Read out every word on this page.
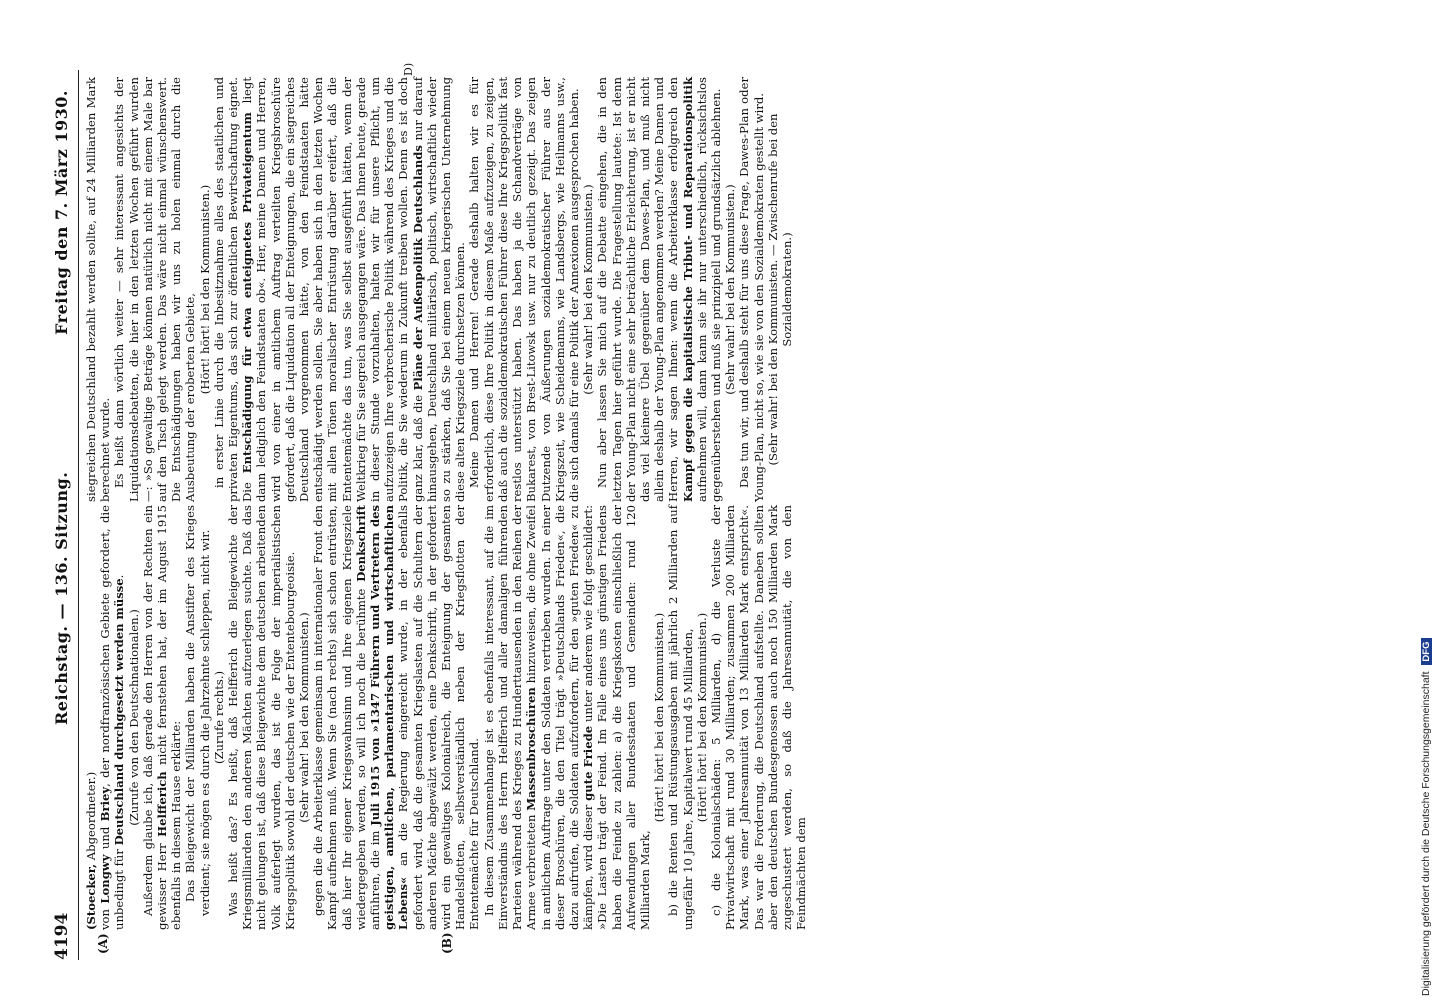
4194
Reichstag. — 136. Sitzung.
Freitag den 7. März 1930.
(A)	(B)
D)

(Stoecker, Abgeordneter.)

von Longwy und Briey, der nordfranzösischen Gebiete gefordert, die unbedingt für Deutschland durchgesetzt werden müsse.

(Zurufe von den Deutschnationalen.) Außerdem glaube ich, daß gerade den Herren von der Rechten ein gewisser Herr Helfferich nicht fernstehen hat, der im August 1915 ebenfalls in diesem Hause erklärte: Das Bleigewicht der Milliarden haben die Anstifter des Krieges verdient; sie mögen es durch die Jahrzehnte schleppen, nicht wir. (Zurufe rechts.) Was heißt das? Es heißt, daß Helfferich die Bleigewichte der Kriegsmilliarden den anderen Mächten aufzuerlegen suchte. Daß das nicht gelungen ist, daß diese Bleigewichte dem deutschen arbeitenden Volk auferlegt wurden, das ist die Folge der imperialistischen Kriegspolitik sowohl der deutschen wie der Ententebourgeoisie. (Sehr wahr! bei den Kommunisten.) gegen die die Arbeiterklasse gemeinsam in internationaler Front den Kampf aufnehmen muß. Wenn Sie (nach rechts) sich schon entrüsten, daß hier Ihr eigener Kriegswahnsinn und Ihre eigenen Kriegsziele wiedergegeben werden, so will ich noch die berühmte Denkschrift anführen, die im Juli 1915 von »1347 Führern und Vertretern des geistigen, amtlichen, parlamentarischen und wirtschaftlichen Lebens« an die Regierung eingereicht wurde, in der ebenfalls gefordert wird, daß die gesamten Kriegslasten auf die Schultern der anderen Mächte abgewälzt werden, eine Denkschrift, in der gefordert wird ein gewaltiges Kolonialreich, die Enteignung der gesamten Handelsflotten, selbstverständlich neben der Kriegsflotten der Ententemächte für Deutschland. In diesem Zusammenhange ist es ebenfalls interessant, auf die im Einverständnis des Herrn Helfferich und aller damaligen führenden Parteien während des Krieges zu Hunderttausenden in den Reihen der Armee verbreiteten Massenbroschüren hinzuweisen, die ohne Zweifel in amtlichem Auftrage unter den Soldaten vertrieben wurden. In einer dieser Broschüren, die den Titel trägt »Deutschlands Frieden«, die dazu aufrufen, die Soldaten aufzufordern, für den »guten Frieden« zu kämpfen, wird dieser gute Friede unter anderem wie folgt geschildert: »Die Lasten trägt der Feind. Im Falle eines uns günstigen Friedens haben die Feinde zu zahlen: a) die Kriegskosten einschließlich der Aufwendungen aller Bundesstaaten und Gemeinden: rund 120 Milliarden Mark,

(Hört! hört! bei den Kommunisten.) b) die Renten und Rüstungsausgaben mit jährlich 2 Milliarden auf ungefähr 10 Jahre, Kapitalwert rund 45 Milliarden, (Hört! hört! bei den Kommunisten.) c) die Kolonialschäden: 5 Milliarden, d) die Verluste der Privatwirtschaft mit rund 30 Milliarden; zusammen 200 Milliarden Mark, was einer Jahresannuität von 13 Milliarden Mark entspricht«. Das war die Forderung, die Deutschland aufstellte. Daneben sollten aber den deutschen Bundesgenossen auch noch 150 Milliarden Mark zugeschustert werden, so daß die Jahresannuität, die von den Feindmächten dem

siegreichen Deutschland bezahlt werden sollte, auf 24 Milliarden Mark berechnet wurde. Es heißt dann wörtlich weiter — sehr interessant angesichts der Liquidationsdebatten, die hier in den letzten Wochen geführt wurden —: »So gewaltige Beträge können natürlich nicht mit einem Male bar auf den Tisch gelegt werden. Das wäre nicht einmal wünschenswert. Die Entschädigungen haben wir uns zu holen einmal durch die Ausbeutung der eroberten Gebiete,

(Hört! hört! bei den Kommunisten.) in erster Linie durch die Inbesitznahme alles des staatlichen und privaten Eigentums, das sich zur öffentlichen Bewirtschaftung eignet. Die Entschädigung für etwa enteignetes Privateigentum liegt dann lediglich den Feindstaaten ob«. Hier, meine Damen und Herren, wird von einer in amtlichem Auftrag verteilten Kriegsbroschüre gefordert, daß die Liquidation all der Enteignungen, die ein siegreiches Deutschland vorgenommen hätte, von den Feindstaaten hätte entschädigt werden sollen. Sie aber haben sich in den letzten Wochen mit allen Tönen moralischer Entrüstung darüber ereifert, daß die Ententemächte das tun, was Sie selbst ausgeführt hätten, wenn der Weltkrieg für Sie siegreich ausgegangen wäre. Das Ihnen heute, gerade in dieser Stunde vorzuhalten, halten wir für unsere Pflicht, um aufzuzeigen Ihre verbrecherische Politik während des Krieges und die Politik, die Sie wiederum in Zukunft treiben wollen. Denn es ist doch ganz klar, daß die Pläne der Außenpolitik Deutschlands nur darauf hinausgehen, Deutschland militärisch, politisch, wirtschaftlich wieder so zu stärken, daß Sie bei einem neuen kriegerischen Unternehmung diese alten Kriegsziele durchsetzen können. Meine Damen und Herren! Gerade deshalb halten wir es für erforderlich, diese Ihre Politik in diesem Maße aufzuzeigen, zu zeigen, daß auch die sozialdemokratischen Führer diese Ihre Kriegspolitik fast restlos unterstützt haben. Das haben ja die Schandverträge von Bukarest, von Brest-Litowsk usw. nur zu deutlich gezeigt. Das zeigen Dutzende von Äußerungen sozialdemokratischer Führer aus der Kriegszeit, wie Scheidemanns, wie Landsbergs, wie Heilmanns usw., die sich damals für eine Politik der Annexionen ausgesprochen haben. (Sehr wahr! bei den Kommunisten.) Nun aber lassen Sie mich auf die Debatte eingehen, die in den letzten Tagen hier geführt wurde. Die Fragestellung lautete: Ist denn der Young-Plan nicht eine sehr beträchtliche Erleichterung, ist er nicht das viel kleinere Übel gegenüber dem Dawes-Plan, und muß nicht allein deshalb der Young-Plan angenommen werden? Meine Damen und Herren, wir sagen Ihnen: wenn die Arbeiterklasse erfolgreich den Kampf gegen die kapitalistische Tribut- und Reparationspolitik aufnehmen will, dann kann sie ihr nur unterschiedlich, rücksichtslos gegenüberstehen und muß sie prinzipiell und grundsätzlich ablehnen. (Sehr wahr! bei den Kommunisten.) Das tun wir, und deshalb steht für uns diese Frage, Dawes-Plan oder Young-Plan, nicht so, wie sie von den Sozialdemokraten gestellt wird. (Sehr wahr! bei den Kommunisten. — Zwischenrufe bei den Sozialdemokraten.)

Digitalisierung gefördert durch die Deutsche Forschungsgemeinschaft DFG
